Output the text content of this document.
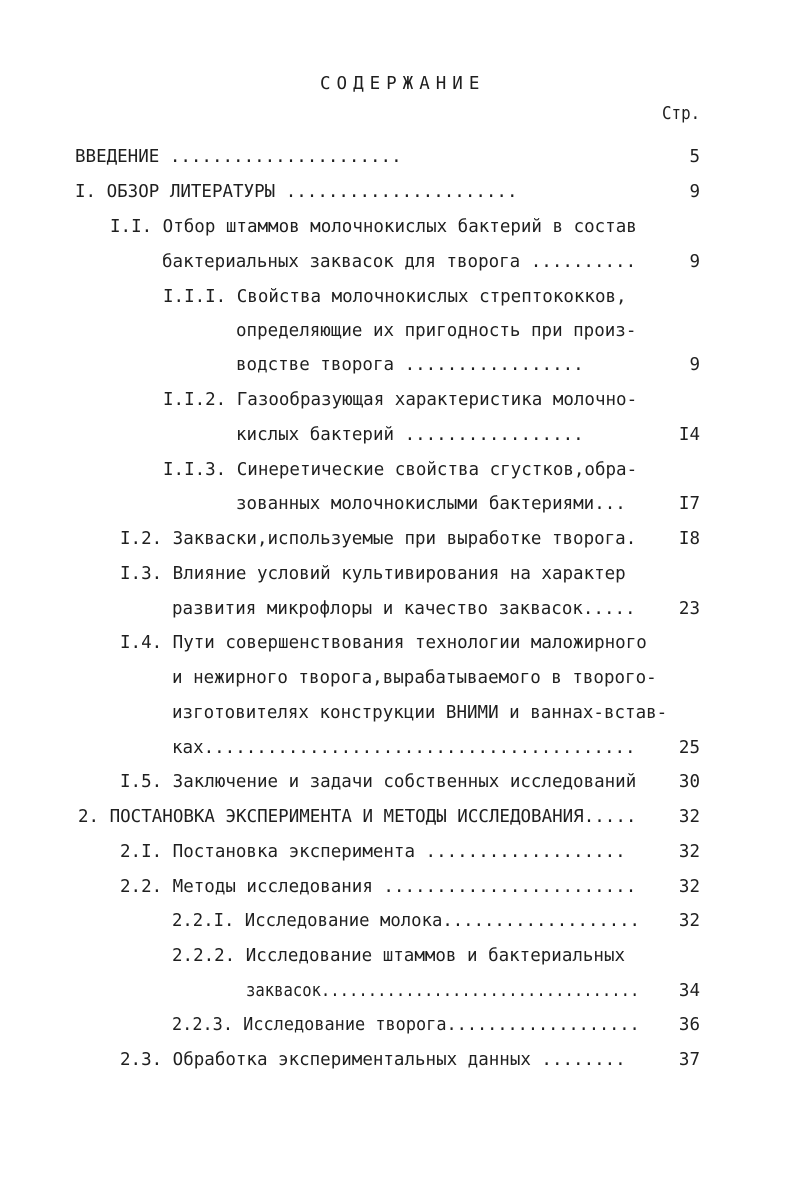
СОДЕРЖАНИЕ
Стр.
ВВЕДЕНИЕ ......................	5
I. ОБЗОР ЛИТЕРАТУРЫ ......................	9
I.I. Отбор штаммов молочнокислых бактерий в состав
бактериальных заквасок для творога ..........	9
I.I.I. Свойства молочнокислых стрептококков,
определяющие их пригодность при произ-
водстве творога .................	9
I.I.2. Газообразующая характеристика молочно-
кислых бактерий .................	I4
I.I.3. Синеретические свойства сгустков,обра-
зованных молочнокислыми бактериями...	I7
I.2. Закваски,используемые при выработке творога.	I8
I.3. Влияние условий культивирования на характер
развития микрофлоры и качество заквасок.....	23
I.4. Пути совершенствования технологии маложирного
и нежирного творога,вырабатываемого в творого-
изготовителях конструкции ВНИМИ и ваннах-встав-
ках.........................................	25
I.5. Заключение и задачи собственных исследований	30
2. ПОСТАНОВКА ЭКСПЕРИМЕНТА И МЕТОДЫ ИССЛЕДОВАНИЯ.....	32
2.I. Постановка эксперимента ...................	32
2.2. Методы исследования ........................	32
2.2.I. Исследование молока...................	32
2.2.2. Исследование штаммов и бактериальных
заквасок..................................	34
2.2.3. Исследование творога...................	36
2.3. Обработка экспериментальных данных ........	37
